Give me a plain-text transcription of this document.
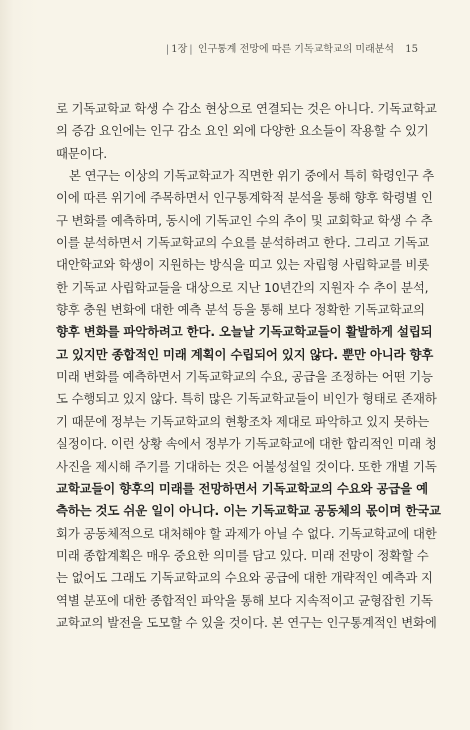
| 1장 | 인구통계 전망에 따른 기독교학교의 미래분석 15
로 기독교학교 학생 수 감소 현상으로 연결되는 것은 아니다. 기독교학교
의 증감 요인에는 인구 감소 요인 외에 다양한 요소들이 작용할 수 있기
때문이다.
본 연구는 이상의 기독교학교가 직면한 위기 중에서 특히 학령인구 추
이에 따른 위기에 주목하면서 인구통계학적 분석을 통해 향후 학령별 인
구 변화를 예측하며, 동시에 기독교인 수의 추이 및 교회학교 학생 수 추
이를 분석하면서 기독교학교의 수요를 분석하려고 한다. 그리고 기독교
대안학교와 학생이 지원하는 방식을 띠고 있는 자립형 사립학교를 비롯
한 기독교 사립학교들을 대상으로 지난 10년간의 지원자 수 추이 분석,
향후 충원 변화에 대한 예측 분석 등을 통해 보다 정확한 기독교학교의
향후 변화를 파악하려고 한다. 오늘날 기독교학교들이 활발하게 설립되
고 있지만 종합적인 미래 계획이 수립되어 있지 않다. 뿐만 아니라 향후
미래 변화를 예측하면서 기독교학교의 수요, 공급을 조정하는 어떤 기능
도 수행되고 있지 않다. 특히 많은 기독교학교들이 비인가 형태로 존재하
기 때문에 정부는 기독교학교의 현황조차 제대로 파악하고 있지 못하는
실정이다. 이런 상황 속에서 정부가 기독교학교에 대한 합리적인 미래 청
사진을 제시해 주기를 기대하는 것은 어불성설일 것이다. 또한 개별 기독
교학교들이 향후의 미래를 전망하면서 기독교학교의 수요와 공급을 예
측하는 것도 쉬운 일이 아니다. 이는 기독교학교 공동체의 몫이며 한국교
회가 공동체적으로 대처해야 할 과제가 아닐 수 없다. 기독교학교에 대한
미래 종합계획은 매우 중요한 의미를 담고 있다. 미래 전망이 정확할 수
는 없어도 그래도 기독교학교의 수요와 공급에 대한 개략적인 예측과 지
역별 분포에 대한 종합적인 파악을 통해 보다 지속적이고 균형잡힌 기독
교학교의 발전을 도모할 수 있을 것이다. 본 연구는 인구통계적인 변화에
